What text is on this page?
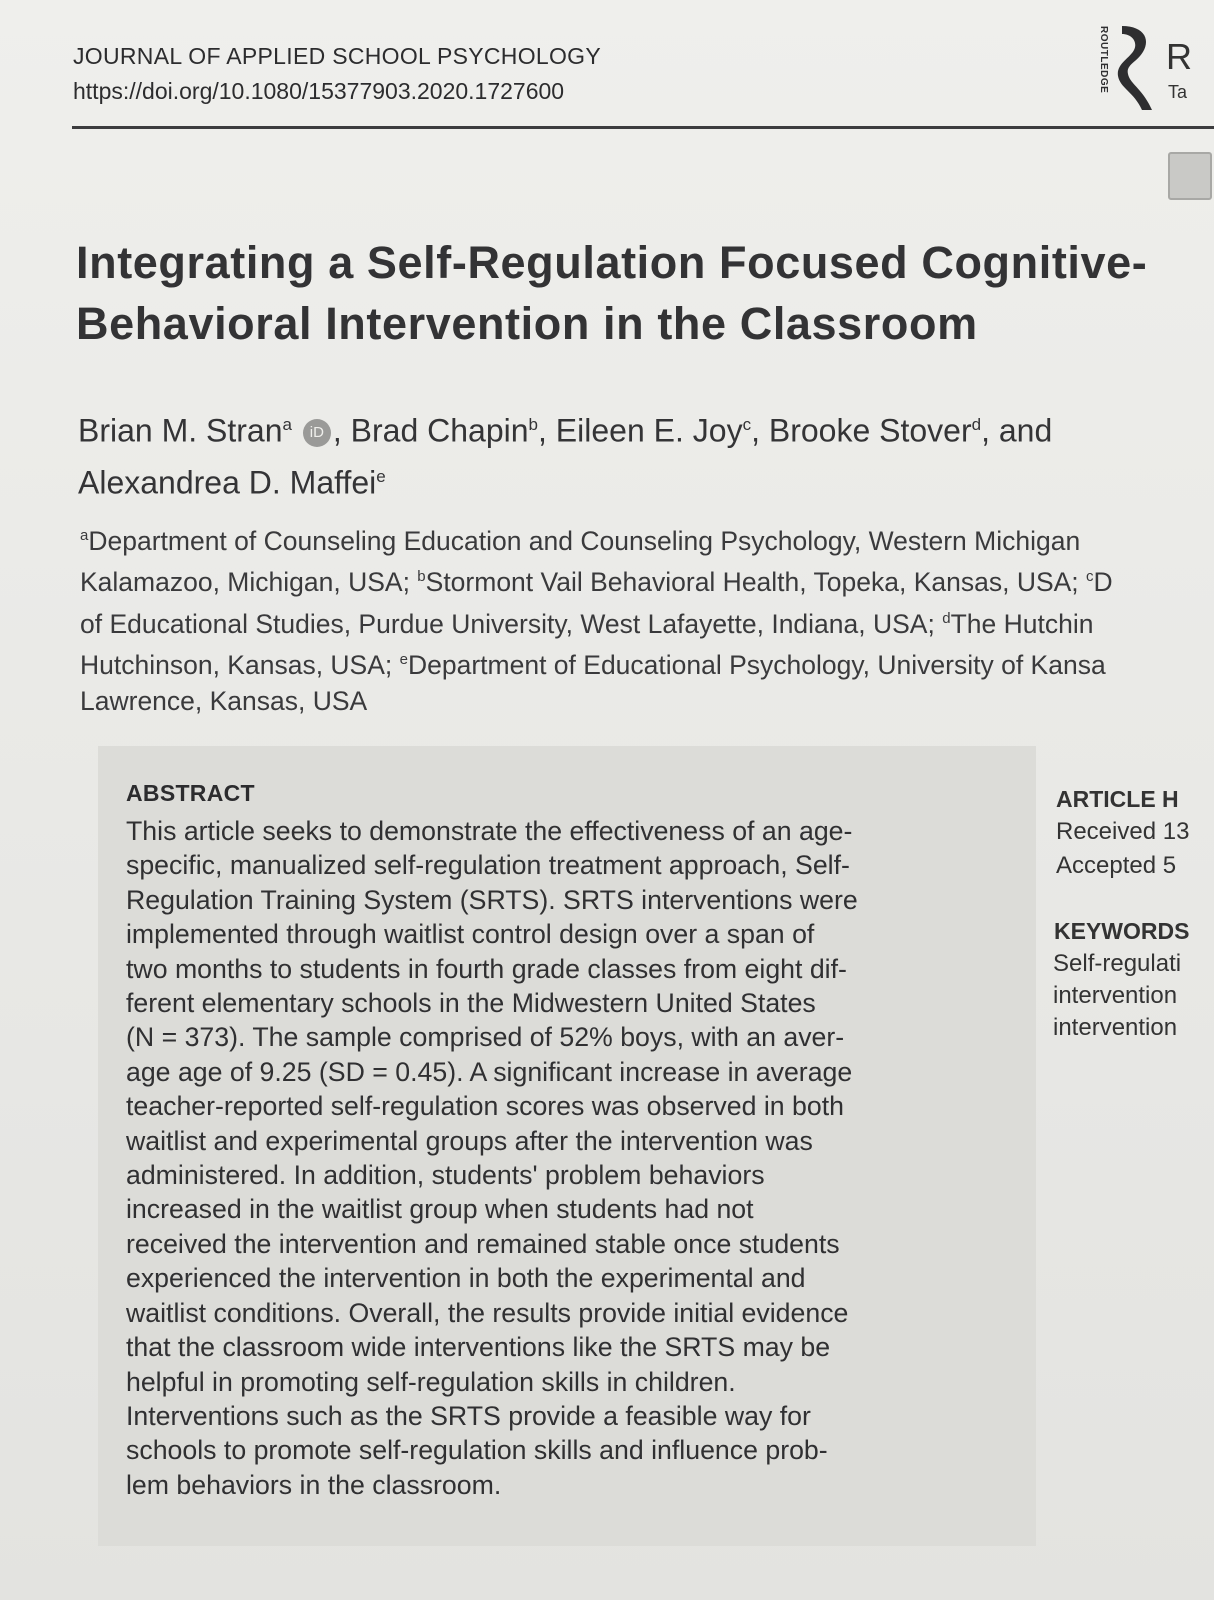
JOURNAL OF APPLIED SCHOOL PSYCHOLOGY
https://doi.org/10.1080/15377903.2020.1727600	ROUTLEDGE R
Ta
Integrating a Self-Regulation Focused Cognitive-
Behavioral Intervention in the Classroom
Brian M. Stran$^a$ iD , Brad Chapin$^b$, Eileen E. Joy$^c$, Brooke Stover$^d$, and
Alexandrea D. Maffei$^e$
$^a$Department of Counseling Education and Counseling Psychology, Western Michigan
Kalamazoo, Michigan, USA; $^b$Stormont Vail Behavioral Health, Topeka, Kansas, USA; $^c$D
of Educational Studies, Purdue University, West Lafayette, Indiana, USA; $^d$The Hutchin
Hutchinson, Kansas, USA; $^e$Department of Educational Psychology, University of Kansa
Lawrence, Kansas, USA
ABSTRACT
This article seeks to demonstrate the effectiveness of an age-
specific, manualized self-regulation treatment approach, Self-
Regulation Training System (SRTS). SRTS interventions were
implemented through waitlist control design over a span of
two months to students in fourth grade classes from eight dif-
ferent elementary schools in the Midwestern United States
(N = 373). The sample comprised of 52% boys, with an aver-
age age of 9.25 (SD = 0.45). A significant increase in average
teacher-reported self-regulation scores was observed in both
waitlist and experimental groups after the intervention was
administered. In addition, students' problem behaviors
increased in the waitlist group when students had not
received the intervention and remained stable once students
experienced the intervention in both the experimental and
waitlist conditions. Overall, the results provide initial evidence
that the classroom wide interventions like the SRTS may be
helpful in promoting self-regulation skills in children.
Interventions such as the SRTS provide a feasible way for
schools to promote self-regulation skills and influence prob-
lem behaviors in the classroom.
ARTICLE H
Received 13
Accepted 5
KEYWORDS
Self-regulati
intervention
intervention
